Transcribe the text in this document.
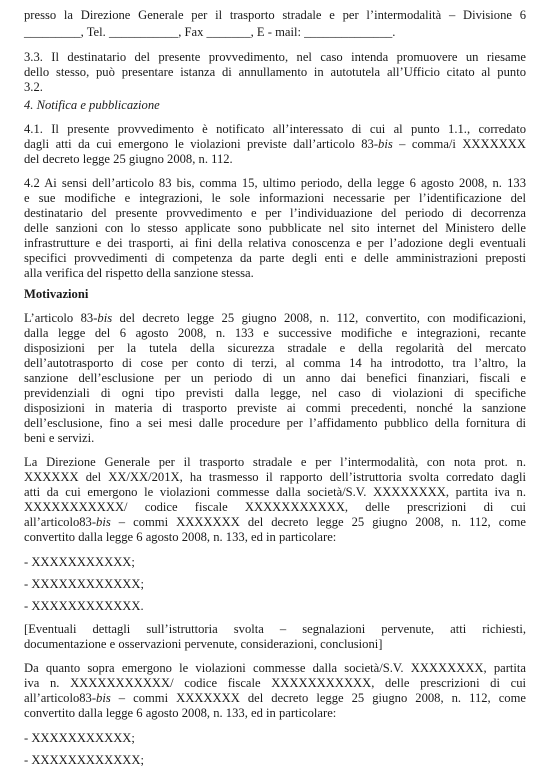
presso la Direzione Generale per il trasporto stradale e per l’intermodalità – Divisione 6
_________, Tel. ___________, Fax _______, E - mail: ______________.
3.3. Il destinatario del presente provvedimento, nel caso intenda promuovere un riesame
dello stesso, può presentare istanza di annullamento in autotutela all’Ufficio citato al punto
3.2.
4. Notifica e pubblicazione
4.1. Il presente provvedimento è notificato all’interessato di cui al punto 1.1., corredato
dagli atti da cui emergono le violazioni previste dall’articolo 83-bis – comma/i XXXXXXX
del decreto legge 25 giugno 2008, n. 112.
4.2 Ai sensi dell’articolo 83 bis, comma 15, ultimo periodo, della legge 6 agosto 2008, n. 133
e sue modifiche e integrazioni, le sole informazioni necessarie per l’identificazione del
destinatario del presente provvedimento e per l’individuazione del periodo di decorrenza
delle sanzioni con lo stesso applicate sono pubblicate nel sito internet del Ministero delle
infrastrutture e dei trasporti, ai fini della relativa conoscenza e per l’adozione degli eventuali
specifici provvedimenti di competenza da parte degli enti e delle amministrazioni preposti
alla verifica del rispetto della sanzione stessa.
Motivazioni
L’articolo 83-bis del decreto legge 25 giugno 2008, n. 112, convertito, con modificazioni,
dalla legge del 6 agosto 2008, n. 133 e successive modifiche e integrazioni, recante
disposizioni per la tutela della sicurezza stradale e della regolarità del mercato
dell’autotrasporto di cose per conto di terzi, al comma 14 ha introdotto, tra l’altro, la
sanzione dell’esclusione per un periodo di un anno dai benefici finanziari, fiscali e
previdenziali di ogni tipo previsti dalla legge, nel caso di violazioni di specifiche
disposizioni in materia di trasporto previste ai commi precedenti, nonché la sanzione
dell’esclusione, fino a sei mesi dalle procedure per l’affidamento pubblico della fornitura di
beni e servizi.
La Direzione Generale per il trasporto stradale e per l’intermodalità, con nota prot. n.
XXXXXX del XX/XX/201X, ha trasmesso il rapporto dell’istruttoria svolta corredato dagli
atti da cui emergono le violazioni commesse dalla società/S.V. XXXXXXXX, partita iva n.
XXXXXXXXXXX/ codice fiscale XXXXXXXXXXX, delle prescrizioni di cui
all’articolo83-bis – commi XXXXXXX del decreto legge 25 giugno 2008, n. 112, come
convertito dalla legge 6 agosto 2008, n. 133, ed in particolare:
- XXXXXXXXXXX;
- XXXXXXXXXXXX;
- XXXXXXXXXXXX.
[Eventuali dettagli sull’istruttoria svolta – segnalazioni pervenute, atti richiesti,
documentazione e osservazioni pervenute, considerazioni, conclusioni]
Da quanto sopra emergono le violazioni commesse dalla società/S.V. XXXXXXXX, partita
iva n. XXXXXXXXXXX/ codice fiscale XXXXXXXXXXX, delle prescrizioni di cui
all’articolo83-bis – commi XXXXXXX del decreto legge 25 giugno 2008, n. 112, come
convertito dalla legge 6 agosto 2008, n. 133, ed in particolare:
- XXXXXXXXXXX;
- XXXXXXXXXXXX;
